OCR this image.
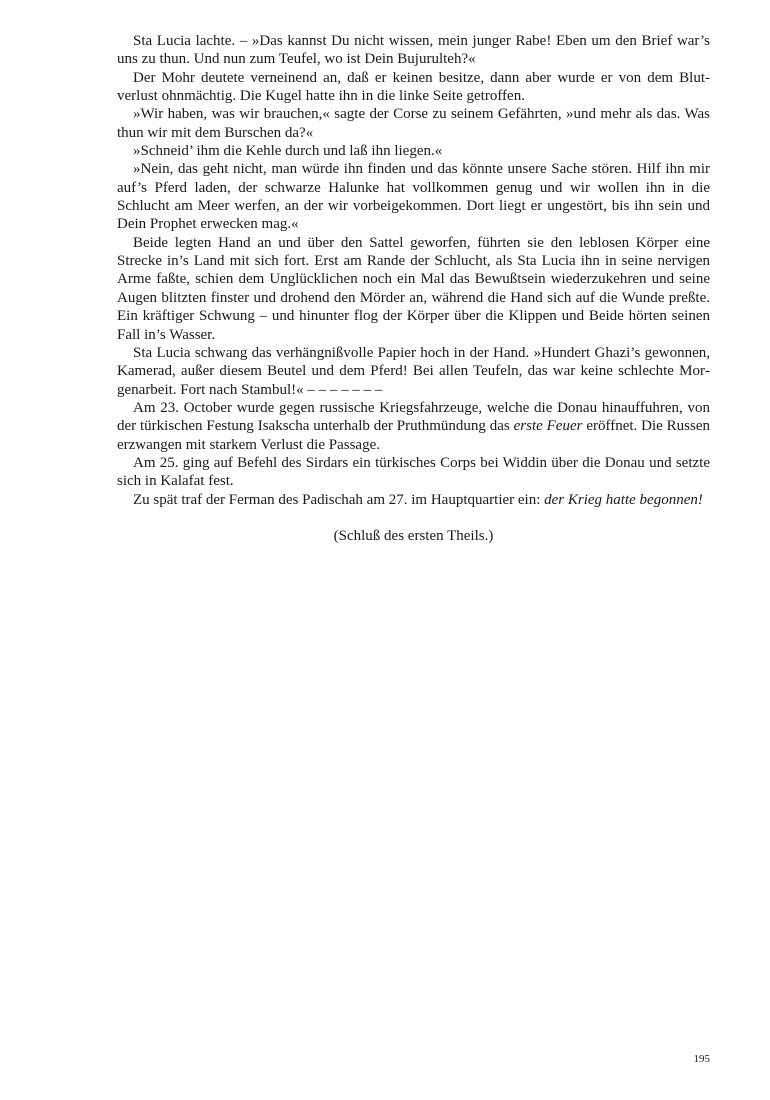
Sta Lucia lachte. – »Das kannst Du nicht wissen, mein junger Rabe! Eben um den Brief war’s uns zu thun. Und nun zum Teufel, wo ist Dein Bujurulteh?«

Der Mohr deutete verneinend an, daß er keinen besitze, dann aber wurde er von dem Blutverlust ohnmächtig. Die Kugel hatte ihn in die linke Seite getroffen.

»Wir haben, was wir brauchen,« sagte der Corse zu seinem Gefährten, »und mehr als das. Was thun wir mit dem Burschen da?«

»Schneid’ ihm die Kehle durch und laß ihn liegen.«

»Nein, das geht nicht, man würde ihn finden und das könnte unsere Sache stören. Hilf ihn mir auf’s Pferd laden, der schwarze Halunke hat vollkommen genug und wir wollen ihn in die Schlucht am Meer werfen, an der wir vorbeigekommen. Dort liegt er ungestört, bis ihn sein und Dein Prophet erwecken mag.«

Beide legten Hand an und über den Sattel geworfen, führten sie den leblosen Körper eine Strecke in’s Land mit sich fort. Erst am Rande der Schlucht, als Sta Lucia ihn in seine nervigen Arme faßte, schien dem Unglücklichen noch ein Mal das Bewußtsein wiederzukehren und seine Augen blitzten finster und drohend den Mörder an, während die Hand sich auf die Wunde preßte. Ein kräftiger Schwung – und hinunter flog der Körper über die Klippen und Beide hörten seinen Fall in’s Wasser.

Sta Lucia schwang das verhängnißvolle Papier hoch in der Hand. »Hundert Ghazi’s gewonnen, Kamerad, außer diesem Beutel und dem Pferd! Bei allen Teufeln, das war keine schlechte Morgenarbeit. Fort nach Stambul!« – – – – – – –

Am 23. October wurde gegen russische Kriegsfahrzeuge, welche die Donau hinauffuhren, von der türkischen Festung Isakscha unterhalb der Pruthmündung das erste Feuer eröffnet. Die Russen erzwangen mit starkem Verlust die Passage.

Am 25. ging auf Befehl des Sirdars ein türkisches Corps bei Widdin über die Donau und setzte sich in Kalafat fest.

Zu spät traf der Ferman des Padischah am 27. im Hauptquartier ein: der Krieg hatte begonnen!

(Schluß des ersten Theils.)
195
